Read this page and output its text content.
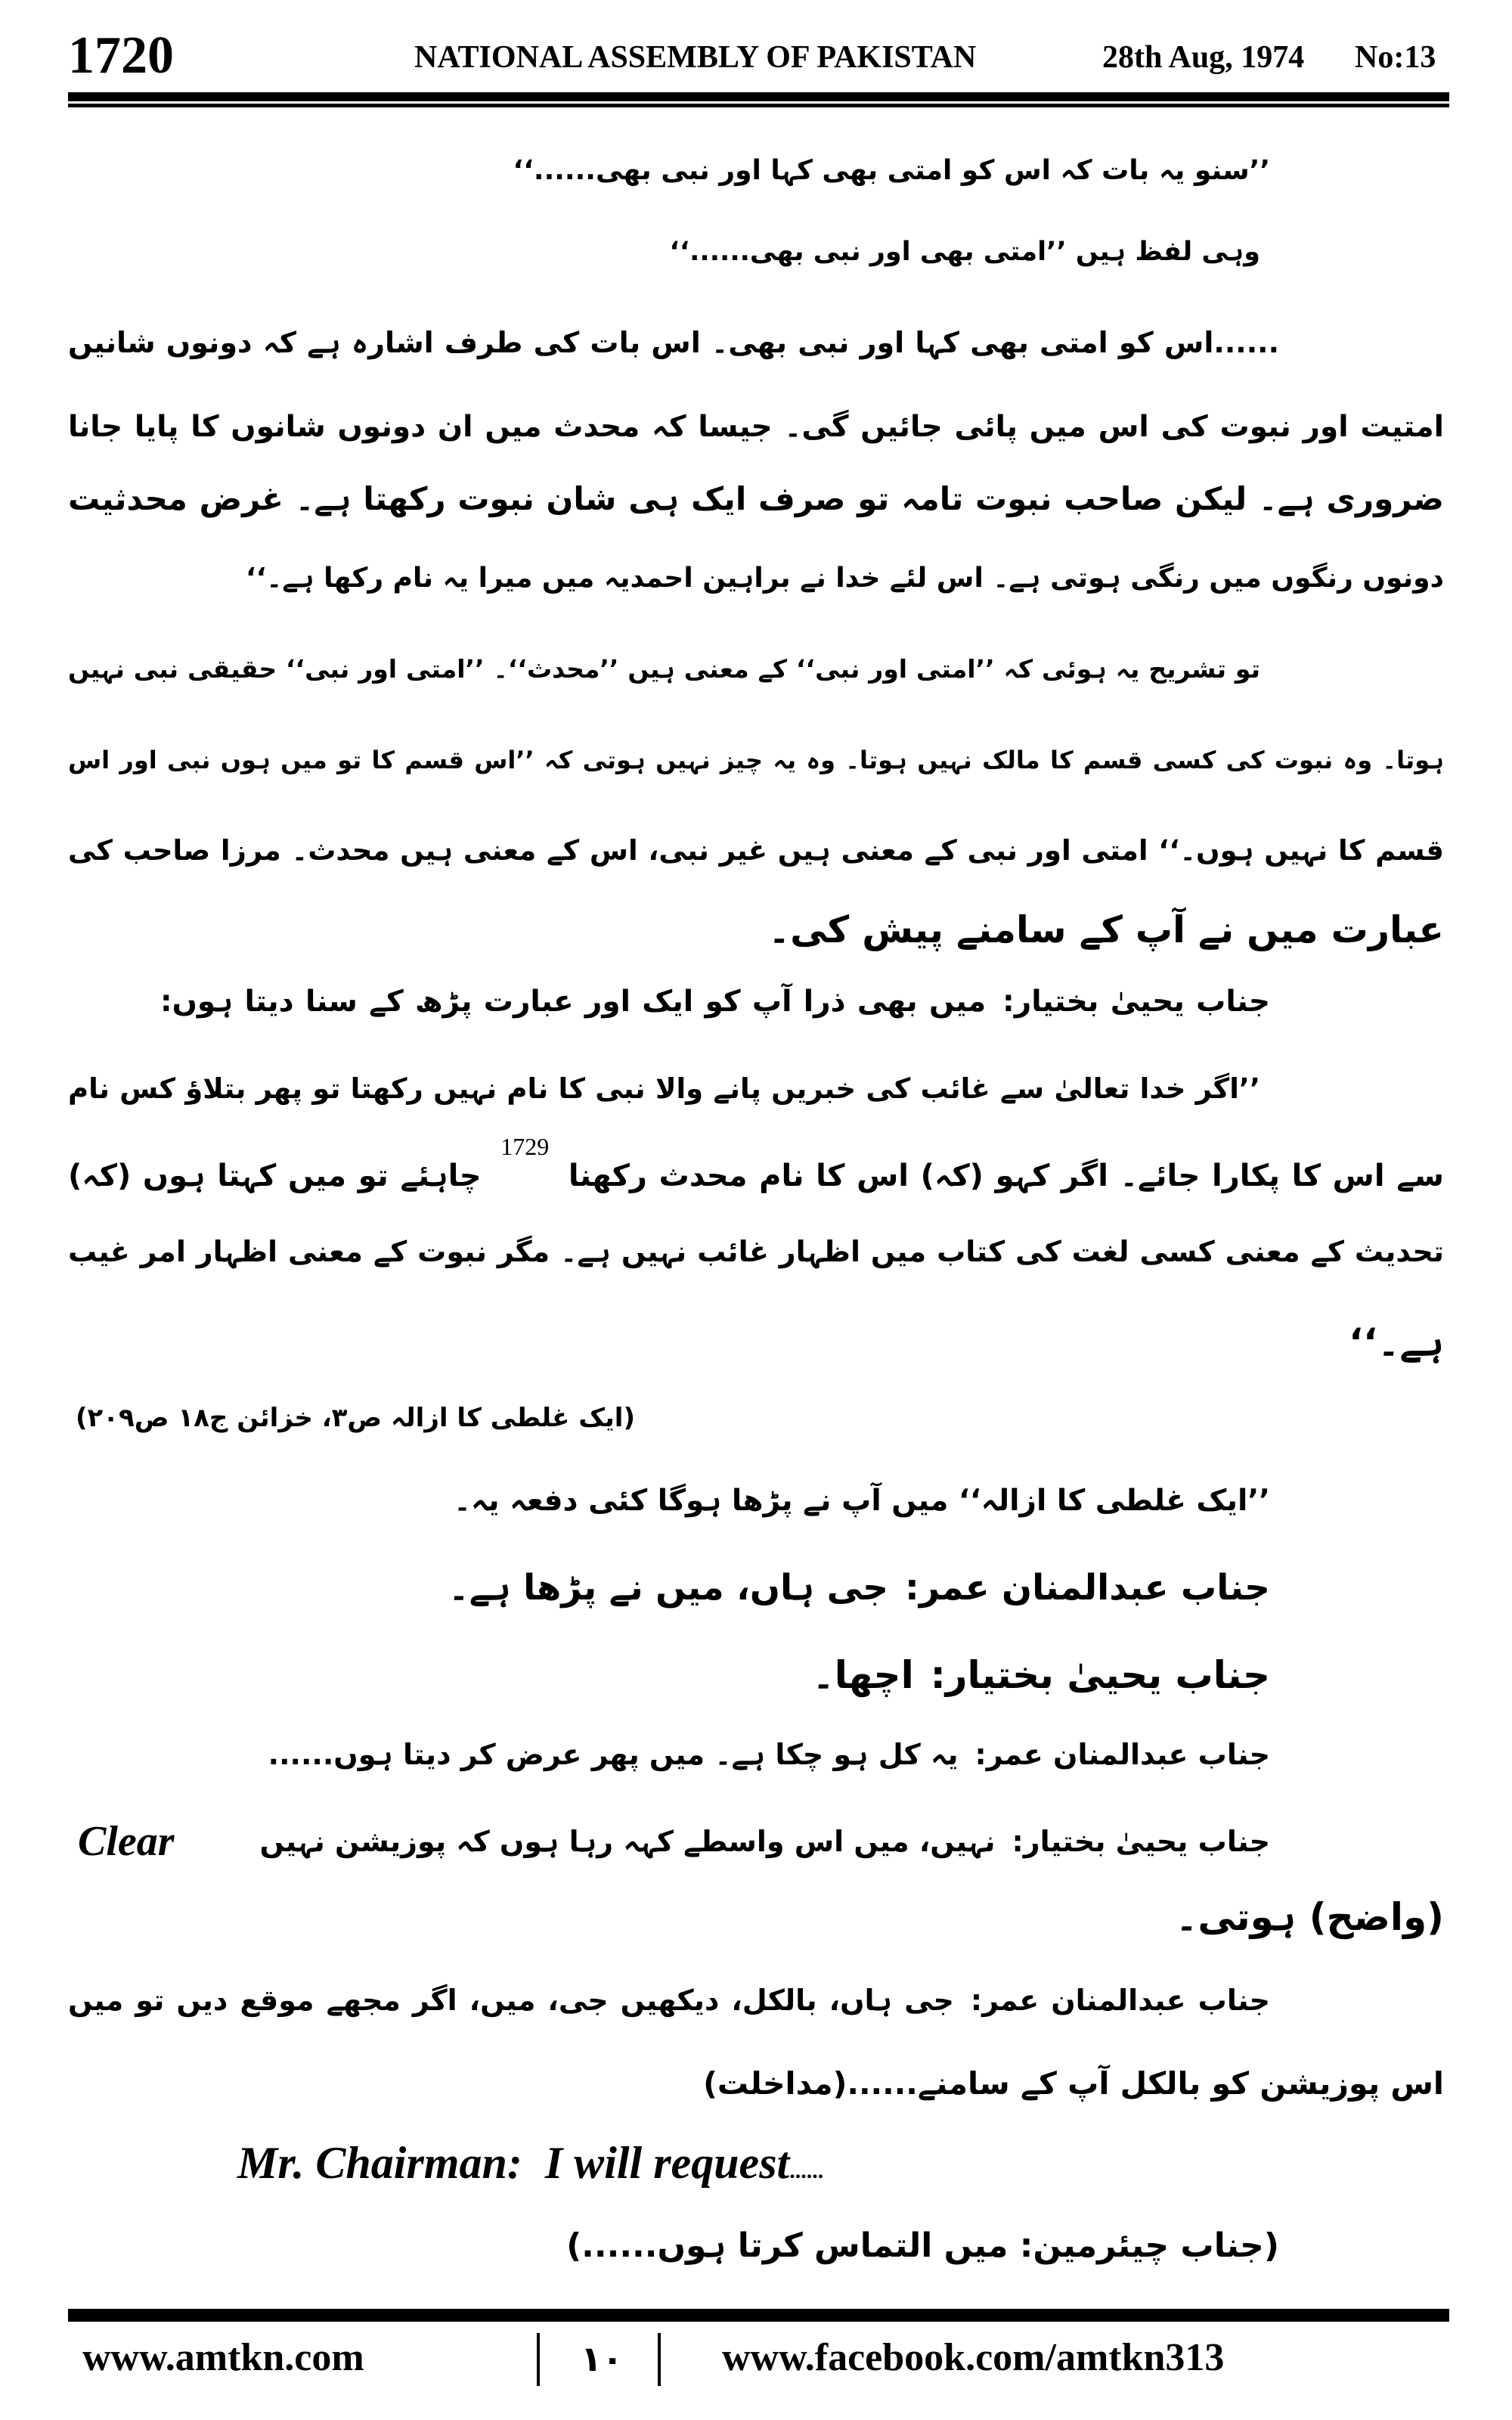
1720	NATIONAL ASSEMBLY OF PAKISTAN	28th Aug, 1974 No:13
’’سنو یہ بات کہ اس کو امتی بھی کہا اور نبی بھی......‘‘
وہی لفظ ہیں ’’امتی بھی اور نبی بھی......‘‘
......اس کو امتی بھی کہا اور نبی بھی۔ اس بات کی طرف اشارہ ہے کہ دونوں شانیں
امتیت اور نبوت کی اس میں پائی جائیں گی۔ جیسا کہ محدث میں ان دونوں شانوں کا پایا جانا
ضروری ہے۔ لیکن صاحب نبوت تامہ تو صرف ایک ہی شان نبوت رکھتا ہے۔ غرض محدثیت
دونوں رنگوں میں رنگی ہوتی ہے۔ اس لئے خدا نے براہین احمدیہ میں میرا یہ نام رکھا ہے۔‘‘
تو تشریح یہ ہوئی کہ ’’امتی اور نبی‘‘ کے معنی ہیں ’’محدث‘‘۔ ’’امتی اور نبی‘‘ حقیقی نبی نہیں
ہوتا۔ وہ نبوت کی کسی قسم کا مالک نہیں ہوتا۔ وہ یہ چیز نہیں ہوتی کہ ’’اس قسم کا تو میں ہوں نبی اور اس
قسم کا نہیں ہوں۔‘‘ امتی اور نبی کے معنی ہیں غیر نبی، اس کے معنی ہیں محدث۔ مرزا صاحب کی
عبارت میں نے آپ کے سامنے پیش کی۔
جناب یحییٰ بختیار:میں بھی ذرا آپ کو ایک اور عبارت پڑھ کے سنا دیتا ہوں:
’’اگر خدا تعالیٰ سے غائب کی خبریں پانے والا نبی کا نام نہیں رکھتا تو پھر بتلاؤ کس نام
سے اس کا پکارا جائے۔ اگر کہو (کہ) اس کا نام محدث رکھنا $^{1729}$ چاہئے تو میں کہتا ہوں (کہ)
تحدیث کے معنی کسی لغت کی کتاب میں اظہار غائب نہیں ہے۔ مگر نبوت کے معنی اظہار امر غیب
ہے۔‘‘
(ایک غلطی کا ازالہ ص۳، خزائن ج۱۸ ص۲۰۹)
’’ایک غلطی کا ازالہ‘‘ میں آپ نے پڑھا ہوگا کئی دفعہ یہ۔
جناب عبدالمنان عمر:جی ہاں، میں نے پڑھا ہے۔
جناب یحییٰ بختیار:اچھا۔
جناب عبدالمنان عمر:یہ کل ہو چکا ہے۔ میں پھر عرض کر دیتا ہوں......
جناب یحییٰ بختیار:نہیں، میں اس واسطے کہہ رہا ہوں کہ پوزیشن نہیں
Clear
(واضح) ہوتی۔
جناب عبدالمنان عمر:جی ہاں، بالکل، دیکھیں جی، میں، اگر مجھے موقع دیں تو میں
اس پوزیشن کو بالکل آپ کے سامنے......(مداخلت)
Mr. Chairman: I will request......
(جناب چیئرمین: میں التماس کرتا ہوں......)
www.amtkn.com	۱۰	www.facebook.com/amtkn313
